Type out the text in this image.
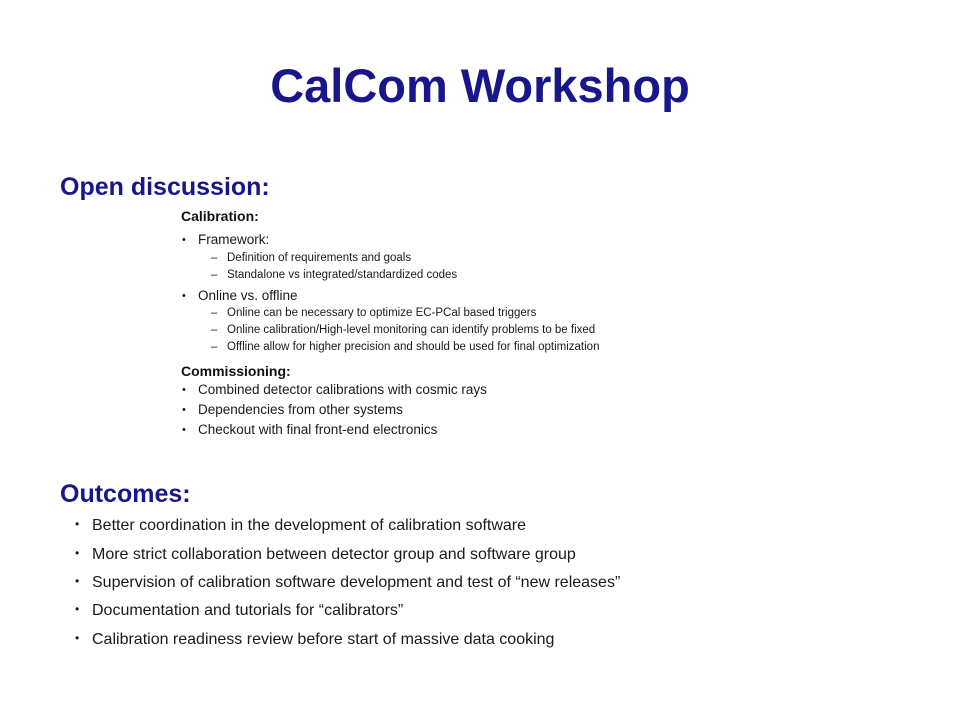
CalCom Workshop
Open discussion:
Calibration:
• Framework:
– Definition of requirements and goals
– Standalone vs integrated/standardized codes
• Online vs. offline
– Online can be necessary to optimize EC-PCal based triggers
– Online calibration/High-level monitoring can identify problems to be fixed
– Offline allow for higher precision and should be used for final optimization
Commissioning:
• Combined detector calibrations with cosmic rays
• Dependencies from other systems
• Checkout with final front-end electronics
Outcomes:
• Better coordination in the development of calibration software
• More strict collaboration between detector group and software group
• Supervision of calibration software development and test of “new releases”
• Documentation and tutorials for “calibrators”
• Calibration readiness review before start of massive data cooking
